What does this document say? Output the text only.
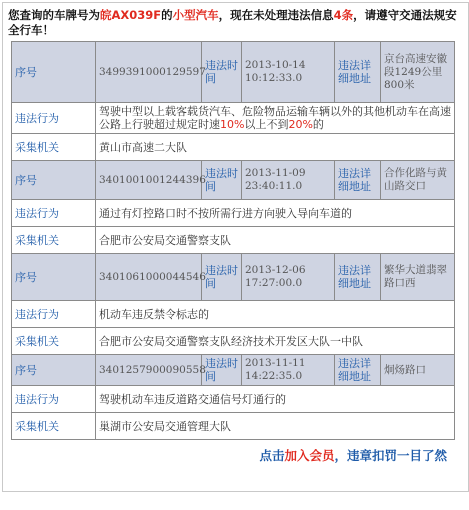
您查询的车牌号为皖AX039F的小型汽车，现在未处理违法信息4条，请遵守交通法规安全行车！
序号	3499391000129597	违法时间	2013-10-14 10:12:33.0	违法详细地址	京台高速安徽段1249公里800米
违法行为	驾驶中型以上载客载货汽车、危险物品运输车辆以外的其他机动车在高速公路上行驶超过规定时速10%以上不到20%的				
采集机关	黄山市高速二大队				
序号	3401001001244396	违法时间	2013-11-09 23:40:11.0	违法详细地址	合作化路与黄山路交口
违法行为	通过有灯控路口时不按所需行进方向驶入导向车道的				
采集机关	合肥市公安局交通警察支队				
序号	3401061000044546	违法时间	2013-12-06 17:27:00.0	违法详细地址	繁华大道翡翠路口西
违法行为	机动车违反禁令标志的				
采集机关	合肥市公安局交通警察支队经济技术开发区大队一中队				
序号	3401257900090558	违法时间	2013-11-11 14:22:35.0	违法详细地址	炯炀路口
违法行为	驾驶机动车违反道路交通信号灯通行的				
采集机关	巢湖市公安局交通管理大队				
点击加入会员，违章扣罚一目了然
